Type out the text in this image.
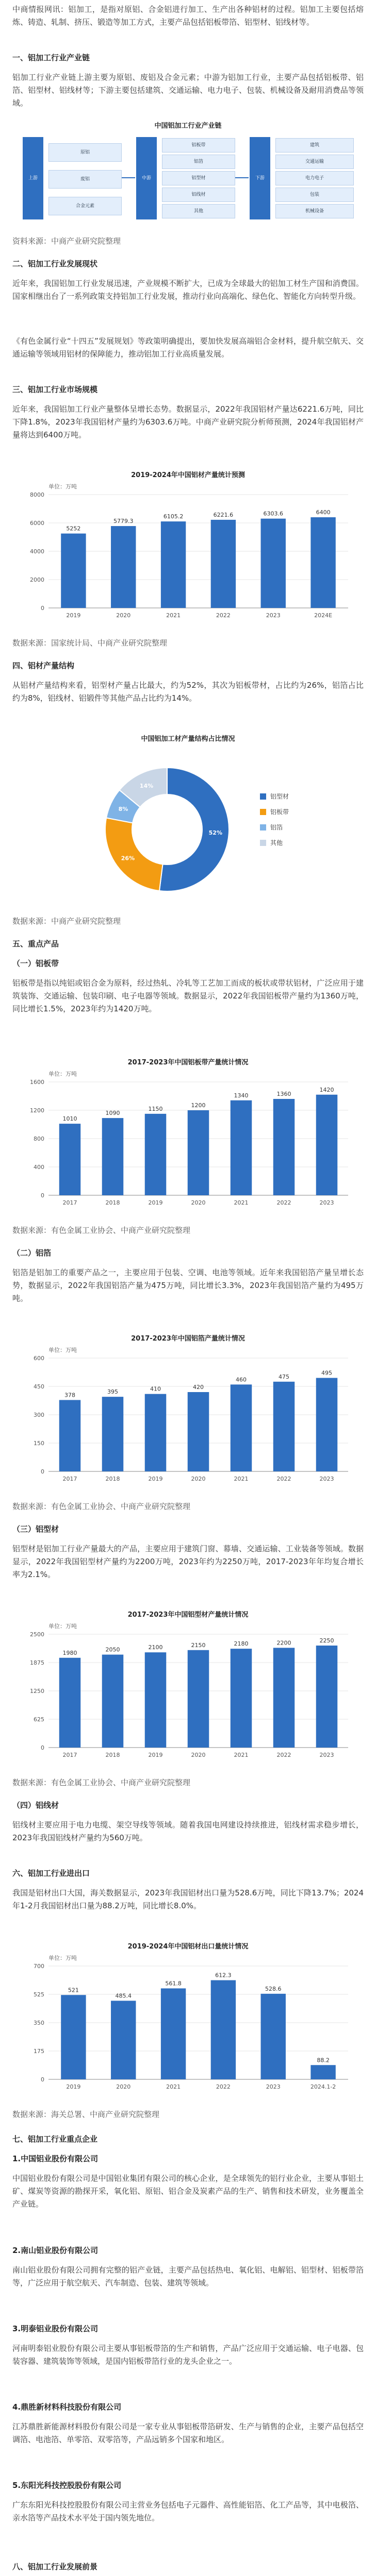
中商情报网讯：铝加工，是指对原铝、合金铝进行加工、生产出各种铝材的过程。铝加工主要包括熔炼、铸造、轧制、挤压、锻造等加工方式，主要产品包括铝板带箔、铝型材、铝线材等。
一、铝加工行业产业链
铝加工行业产业链上游主要为原铝、废铝及合金元素；中游为铝加工行业，主要产品包括铝板带、铝箔、铝型材、铝线材等；下游主要包括建筑、交通运输、电力电子、包装、机械设备及耐用消费品等领域。
中国铝加工行业产业链
上游
原铝
废铝
合金元素
中游
铝板带
铝箔
铝型材
铝线材
其他
下游
建筑
交通运输
电力电子
包装
机械设备
资料来源：中商产业研究院整理
二、铝加工行业发展现状
近年来，我国铝加工行业发展迅速，产业规模不断扩大，已成为全球最大的铝加工材生产国和消费国。国家相继出台了一系列政策支持铝加工行业发展，推动行业向高端化、绿色化、智能化方向转型升级。
《有色金属行业“十四五”发展规划》等政策明确提出，要加快发展高端铝合金材料，提升航空航天、交通运输等领域用铝材的保障能力，推动铝加工行业高质量发展。
三、铝加工行业市场规模
近年来，我国铝加工行业产量整体呈增长态势。数据显示，2022年我国铝材产量达6221.6万吨，同比下降1.8%，2023年我国铝材产量约为6303.6万吨。中商产业研究院分析师预测，2024年我国铝材产量将达到6400万吨。
2019-2024年中国铝材产量统计预测
单位：万吨
0
2000
4000
6000
8000
5252
2019
5779.3
2020
6105.2
2021
6221.6
2022
6303.6
2023
6400
2024E
数据来源：国家统计局、中商产业研究院整理
四、铝材产量结构
从铝材产量结构来看，铝型材产量占比最大，约为52%，其次为铝板带材，占比约为26%，铝箔占比约为8%，铝线材、铝锻件等其他产品占比约为14%。
中国铝加工材产量结构占比情况
52%
铝型材
26%
铝板带
8%
铝箔
14%
其他
数据来源：中商产业研究院整理
五、重点产品
（一）铝板带
铝板带是指以纯铝或铝合金为原料，经过热轧、冷轧等工艺加工而成的板状或带状铝材，广泛应用于建筑装饰、交通运输、包装印刷、电子电器等领域。数据显示，2022年我国铝板带产量约为1360万吨，同比增长1.5%，2023年约为1420万吨。
2017-2023年中国铝板带产量统计情况
单位：万吨
0
400
800
1200
1600
1010
2017
1090
2018
1150
2019
1200
2020
1340
2021
1360
2022
1420
2023
数据来源：有色金属工业协会、中商产业研究院整理
（二）铝箔
铝箔是铝加工的重要产品之一，主要应用于包装、空调、电池等领域。近年来我国铝箔产量呈增长态势，数据显示，2022年我国铝箔产量为475万吨，同比增长3.3%，2023年我国铝箔产量约为495万吨。
2017-2023年中国铝箔产量统计情况
单位：万吨
0
150
300
450
600
378
2017
395
2018
410
2019
420
2020
460
2021
475
2022
495
2023
数据来源：有色金属工业协会、中商产业研究院整理
（三）铝型材
铝型材是铝加工行业产量最大的产品，主要应用于建筑门窗、幕墙、交通运输、工业装备等领域。数据显示，2022年我国铝型材产量约为2200万吨，2023年约为2250万吨，2017-2023年年均复合增长率为2.1%。
2017-2023年中国铝型材产量统计情况
单位：万吨
0
625
1250
1875
2500
1980
2017
2050
2018
2100
2019
2150
2020
2180
2021
2200
2022
2250
2023
数据来源：有色金属工业协会、中商产业研究院整理
（四）铝线材
铝线材主要应用于电力电缆、架空导线等领域。随着我国电网建设持续推进，铝线材需求稳步增长，2023年我国铝线材产量约为560万吨。
六、铝加工行业进出口
我国是铝材出口大国，海关数据显示，2023年我国铝材出口量为528.6万吨，同比下降13.7%；2024年1-2月我国铝材出口量为88.2万吨，同比增长8.0%。
2019-2024年中国铝材出口量统计情况
单位：万吨
0
175
350
525
700
521
2019
485.4
2020
561.8
2021
612.3
2022
528.6
2023
88.2
2024.1-2
数据来源：海关总署、中商产业研究院整理
七、铝加工行业重点企业
1.中国铝业股份有限公司
中国铝业股份有限公司是中国铝业集团有限公司的核心企业，是全球领先的铝行业企业，主要从事铝土矿、煤炭等资源的勘探开采，氧化铝、原铝、铝合金及炭素产品的生产、销售和技术研发，业务覆盖全产业链。
2.南山铝业股份有限公司
南山铝业股份有限公司拥有完整的铝产业链，主要产品包括热电、氧化铝、电解铝、铝型材、铝板带箔等，广泛应用于航空航天、汽车制造、包装、建筑等领域。
3.明泰铝业股份有限公司
河南明泰铝业股份有限公司主要从事铝板带箔的生产和销售，产品广泛应用于交通运输、电子电器、包装容器、建筑装饰等领域，是国内铝板带箔行业的龙头企业之一。
4.鼎胜新材料科技股份有限公司
江苏鼎胜新能源材料股份有限公司是一家专业从事铝板带箔研发、生产与销售的企业，主要产品包括空调箔、电池箔、单零箔、双零箔等，产品远销多个国家和地区。
5.东阳光科技控股股份有限公司
广东东阳光科技控股股份有限公司主营业务包括电子元器件、高性能铝箔、化工产品等，其中电极箔、亲水箔等产品技术水平处于国内领先地位。
八、铝加工行业发展前景
